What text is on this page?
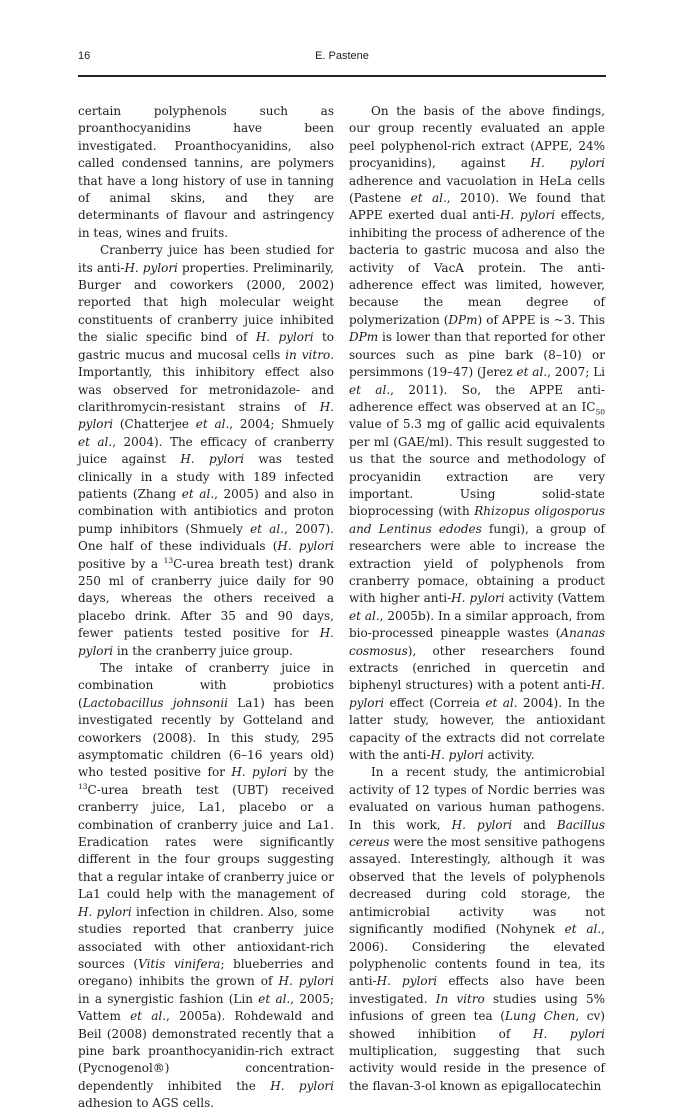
16	E. Pastene

certain polyphenols such as proanthocyanidins have been investigated. Proanthocyanidins, also called condensed tannins, are polymers that have a long history of use in tanning of animal skins, and they are determinants of flavour and astringency in teas, wines and fruits.

Cranberry juice has been studied for its anti-H. pylori properties. Preliminarily, Burger and coworkers (2000, 2002) reported that high molecular weight constituents of cranberry juice inhibited the sialic specific bind of H. pylori to gastric mucus and mucosal cells in vitro. Importantly, this inhibitory effect also was observed for metronidazole- and clarithromycin-resistant strains of H. pylori (Chatterjee et al., 2004; Shmuely et al., 2004). The efficacy of cranberry juice against H. pylori was tested clinically in a study with 189 infected patients (Zhang et al., 2005) and also in combination with antibiotics and proton pump inhibitors (Shmuely et al., 2007). One half of these individuals (H. pylori positive by a $^{13}$C-urea breath test) drank 250 ml of cranberry juice daily for 90 days, whereas the others received a placebo drink. After 35 and 90 days, fewer patients tested positive for H. pylori in the cranberry juice group.

The intake of cranberry juice in combination with probiotics (Lactobacillus johnsonii La1) has been investigated recently by Gotteland and coworkers (2008). In this study, 295 asymptomatic children (6–16 years old) who tested positive for H. pylori by the $^{13}$C-urea breath test (UBT) received cranberry juice, La1, placebo or a combination of cranberry juice and La1. Eradication rates were significantly different in the four groups suggesting that a regular intake of cranberry juice or La1 could help with the management of H. pylori infection in children. Also, some studies reported that cranberry juice associated with other antioxidant-rich sources (Vitis vinifera; blueberries and oregano) inhibits the grown of H. pylori in a synergistic fashion (Lin et al., 2005; Vattem et al., 2005a). Rohdewald and Beil (2008) demonstrated recently that a pine bark proanthocyanidin-rich extract (Pycnogenol®) concentration-dependently inhibited the H. pylori adhesion to AGS cells.

On the basis of the above findings, our group recently evaluated an apple peel polyphenol-rich extract (APPE, 24% procyanidins), against H. pylori adherence and vacuolation in HeLa cells (Pastene et al., 2010). We found that APPE exerted dual anti-H. pylori effects, inhibiting the process of adherence of the bacteria to gastric mucosa and also the activity of VacA protein. The anti-adherence effect was limited, however, because the mean degree of polymerization (DPm) of APPE is ~3. This DPm is lower than that reported for other sources such as pine bark (8–10) or persimmons (19–47) (Jerez et al., 2007; Li et al., 2011). So, the APPE anti-adherence effect was observed at an $IC_{50}$ value of 5.3 mg of gallic acid equivalents per ml (GAE/ml). This result suggested to us that the source and methodology of procyanidin extraction are very important. Using solid-state bioprocessing (with Rhizopus oligosporus and Lentinus edodes fungi), a group of researchers were able to increase the extraction yield of polyphenols from cranberry pomace, obtaining a product with higher anti-H. pylori activity (Vattem et al., 2005b). In a similar approach, from bio-processed pineapple wastes (Ananas cosmosus), other researchers found extracts (enriched in quercetin and biphenyl structures) with a potent anti-H. pylori effect (Correia et al. 2004). In the latter study, however, the antioxidant capacity of the extracts did not correlate with the anti-H. pylori activity.

In a recent study, the antimicrobial activity of 12 types of Nordic berries was evaluated on various human pathogens. In this work, H. pylori and Bacillus cereus were the most sensitive pathogens assayed. Interestingly, although it was observed that the levels of polyphenols decreased during cold storage, the antimicrobial activity was not significantly modified (Nohynek et al., 2006). Considering the elevated polyphenolic contents found in tea, its anti-H. pylori effects also have been investigated. In vitro studies using 5% infusions of green tea (Lung Chen, cv) showed inhibition of H. pylori multiplication, suggesting that such activity would reside in the presence of the flavan-3-ol known as epigallocatechin
